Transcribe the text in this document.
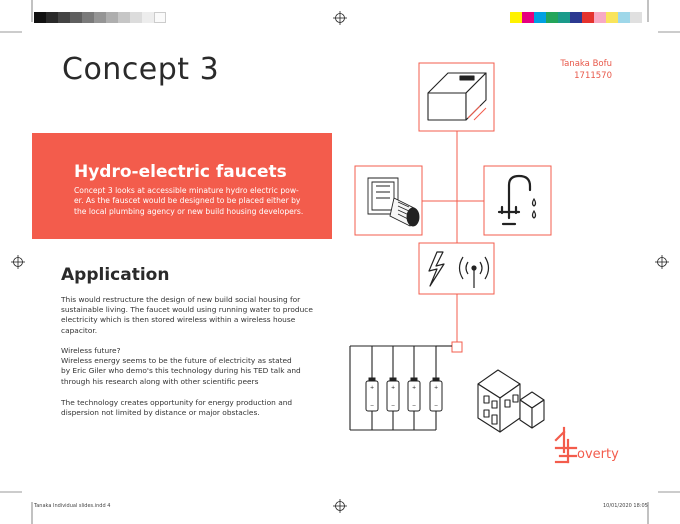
+	+	+	+
−	−	−	−
Concept 3	Tanaka Bofu
1711570
Hydro-electric faucets
Concept 3 looks at accessible minature hydro electric pow-
er. As the fauscet would be designed to be placed either by
the local plumbing agency or new build housing developers.
Application
This would restructure the design of new build social housing for
sustainable living. The faucet would using running water to produce
electricity which is then stored wireless within a wireless house
capacitor.
Wireless future?
Wireless energy seems to be the future of electricity as stated
by Eric Giler who demo's this technology during his TED talk and
through his research along with other scientific peers
The technology creates opportunity for energy production and
dispersion not limited by distance or major obstacles.
overty
Tanaka Individual slides.indd 4	10/01/2020 18:05
